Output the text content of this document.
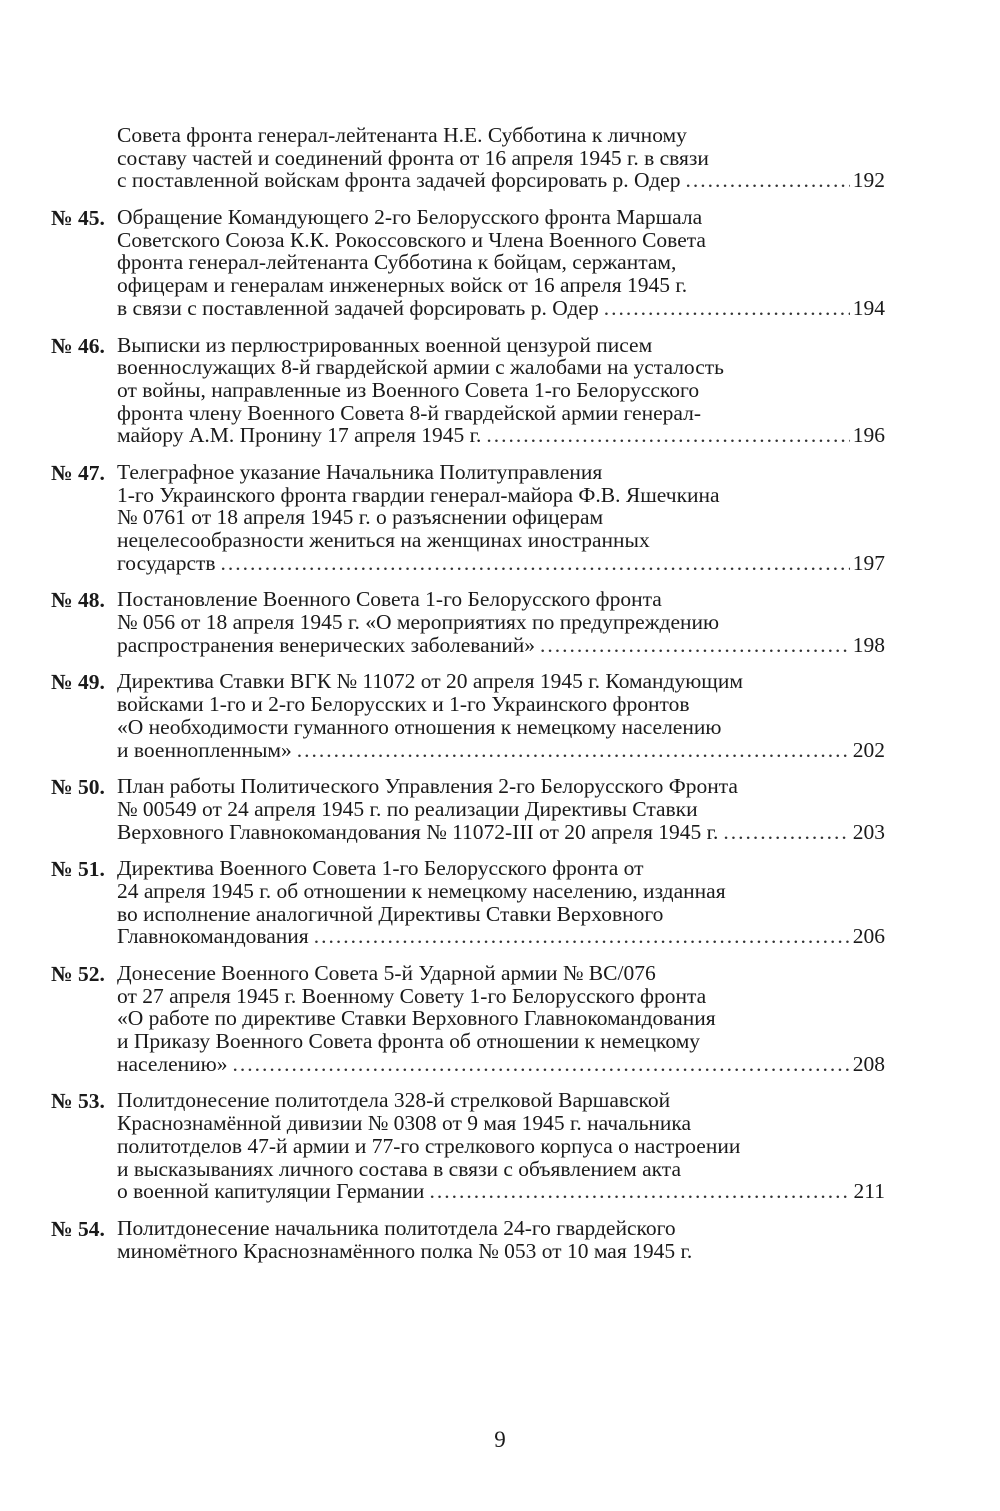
Совета фронта генерал-лейтенанта Н.Е. Субботина к личному
составу частей и соединений фронта от 16 апреля 1945 г. в связи
с поставленной войскам фронта задачей форсировать р. Одер .....	192
№ 45. Обращение Командующего 2-го Белорусского фронта Маршала
Советского Союза К.К. Рокоссовского и Члена Военного Совета
фронта генерал-лейтенанта Субботина к бойцам, сержантам,
офицерам и генералам инженерных войск от 16 апреля 1945 г.
в связи с поставленной задачей форсировать р. Одер .....	194
№ 46. Выписки из перлюстрированных военной цензурой писем
военнослужащих 8-й гвардейской армии с жалобами на усталость
от войны, направленные из Военного Совета 1-го Белорусского
фронта члену Военного Совета 8-й гвардейской армии генерал-
майору А.М. Пронину 17 апреля 1945 г. .....	196
№ 47. Телеграфное указание Начальника Политуправления
1-го Украинского фронта гвардии генерал-майора Ф.В. Яшечкина
№ 0761 от 18 апреля 1945 г. о разъяснении офицерам
нецелесообразности жениться на женщинах иностранных
государств .....	197
№ 48. Постановление Военного Совета 1-го Белорусского фронта
№ 056 от 18 апреля 1945 г. «О мероприятиях по предупреждению
распространения венерических заболеваний» .....	198
№ 49. Директива Ставки ВГК № 11072 от 20 апреля 1945 г. Командующим
войсками 1-го и 2-го Белорусских и 1-го Украинского фронтов
«О необходимости гуманного отношения к немецкому населению
и военнопленным» .....	202
№ 50. План работы Политического Управления 2-го Белорусского Фронта
№ 00549 от 24 апреля 1945 г. по реализации Директивы Ставки
Верховного Главнокомандования № 11072-III от 20 апреля 1945 г. .....	203
№ 51. Директива Военного Совета 1-го Белорусского фронта от
24 апреля 1945 г. об отношении к немецкому населению, изданная
во исполнение аналогичной Директивы Ставки Верховного
Главнокомандования .....	206
№ 52. Донесение Военного Совета 5-й Ударной армии № ВС/076
от 27 апреля 1945 г. Военному Совету 1-го Белорусского фронта
«О работе по директиве Ставки Верховного Главнокомандования
и Приказу Военного Совета фронта об отношении к немецкому
населению» .....	208
№ 53. Политдонесение политотдела 328-й стрелковой Варшавской
Краснознамённой дивизии № 0308 от 9 мая 1945 г. начальника
политотделов 47-й армии и 77-го стрелкового корпуса о настроении
и высказываниях личного состава в связи с объявлением акта
о военной капитуляции Германии .....	211
№ 54. Политдонесение начальника политотдела 24-го гвардейского
миномётного Краснознамённого полка № 053 от 10 мая 1945 г.
9
